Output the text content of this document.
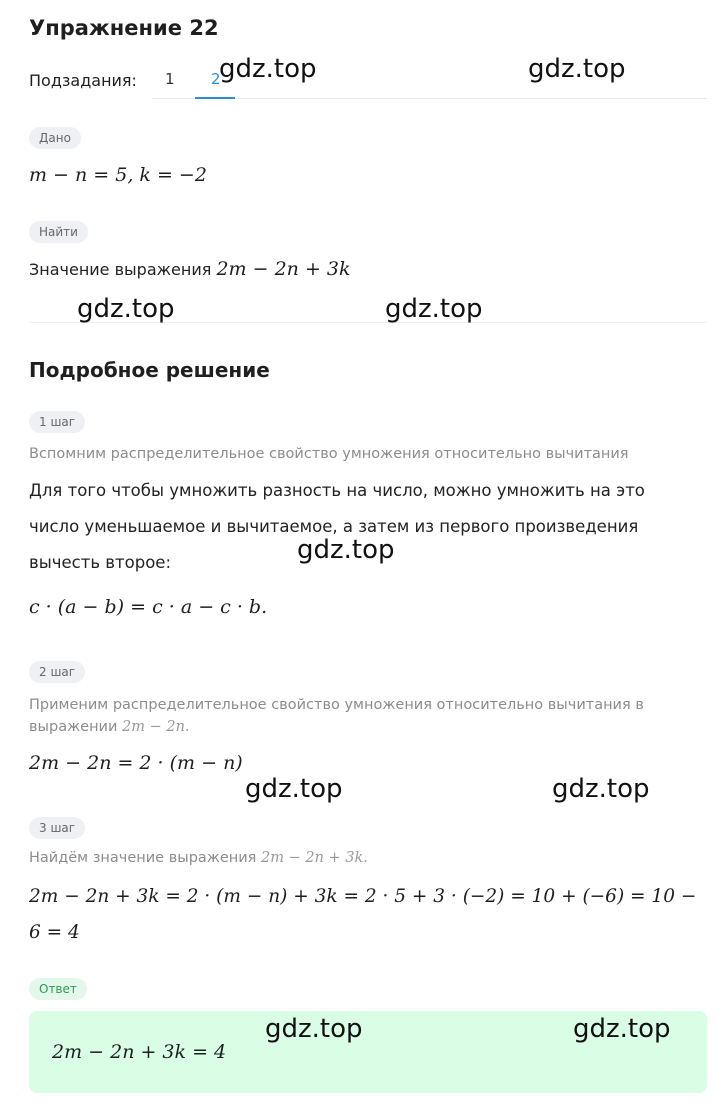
Упражнение 22
Подзадания: 1 2
Дано
m − n = 5, k = −2
Найти
Значение выражения 2m − 2n + 3k
Подробное решение
1 шаг
Вспомним распределительное свойство умножения относительно вычитания
Для того чтобы умножить разность на число, можно умножить на это число уменьшаемое и вычитаемое, а затем из первого произведения вычесть второе:
c · (a − b) = c · a − c · b.
2 шаг
Применим распределительное свойство умножения относительно вычитания в выражении 2m − 2n.
2m − 2n = 2 · (m − n)
3 шаг
Найдём значение выражения 2m − 2n + 3k.
2m − 2n + 3k = 2 · (m − n) + 3k = 2 · 5 + 3 · (−2) = 10 + (−6) = 10 −
6 = 4
Ответ
2m − 2n + 3k = 4
gdz.top	gdz.top
gdz.top	gdz.top
gdz.top
gdz.top	gdz.top
gdz.top	gdz.top
